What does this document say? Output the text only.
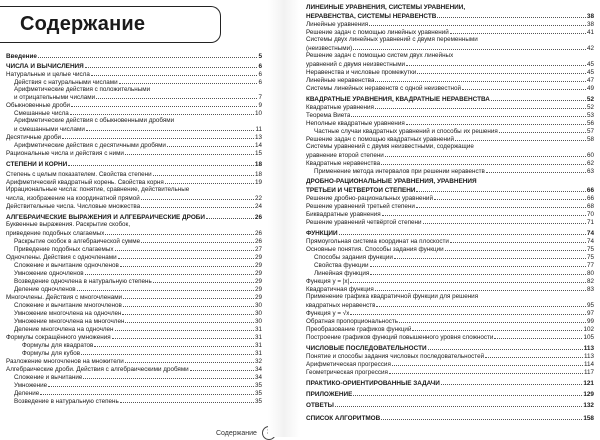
Содержание
Введение	5
ЧИСЛА И ВЫЧИСЛЕНИЯ	6
Натуральные и целые числа	6
Действия с натуральными числами	6
Арифметические действия с положительными
и отрицательными числами	7
Обыкновенные дроби	9
Смешанные числа	10
Арифметические действия с обыкновенными дробями
и смешанными числами	11
Десятичные дроби	13
Арифметические действия с десятичными дробями	14
Рациональные числа и действия с ними	15
СТЕПЕНИ И КОРНИ	18
Степень с целым показателем. Свойства степени	18
Арифметический квадратный корень. Свойства корня	19
Иррациональные числа: понятие, сравнение, действительные
числа, изображение на координатной прямой	22
Действительные числа. Числовые множества	24
АЛГЕБРАИЧЕСКИЕ ВЫРАЖЕНИЯ И АЛГЕБРАИЧЕСКИЕ ДРОБИ	26
Буквенные выражения. Раскрытие скобок,
приведение подобных слагаемых	26
Раскрытие скобок в алгебраической сумме	26
Приведение подобных слагаемых	27
Одночлены. Действия с одночленами	29
Сложение и вычитание одночленов	29
Умножение одночленов	29
Возведение одночлена в натуральную степень	29
Деление одночленов	29
Многочлены. Действия с многочленами	29
Сложение и вычитание многочленов	30
Умножение многочлена на одночлен	30
Умножение многочлена на многочлен	30
Деление многочлена на одночлен	31
Формулы сокращённого умножения	31
Формулы для квадратов	31
Формулы для кубов	31
Разложение многочленов на множители	32
Алгебраические дроби. Действия с алгебраическими дробями	34
Сложение и вычитание	34
Умножение	35
Деление	35
Возведение в натуральную степень	35
Содержание
ЛИНЕЙНЫЕ УРАВНЕНИЯ, СИСТЕМЫ УРАВНЕНИЙ,
НЕРАВЕНСТВА, СИСТЕМЫ НЕРАВЕНСТВ	38
Линейные уравнения	38
Решение задач с помощью линейных уравнений	41
Системы двух линейных уравнений с двумя переменными
(неизвестными)	42
Решение задач с помощью систем двух линейных
уравнений с двумя неизвестными	45
Неравенства и числовые промежутки	45
Линейные неравенства	47
Системы линейных неравенств с одной неизвестной	49
КВАДРАТНЫЕ УРАВНЕНИЯ, КВАДРАТНЫЕ НЕРАВЕНСТВА	52
Квадратные уравнения	52
Теорема Виета	53
Неполные квадратные уравнения	56
Частные случаи квадратных уравнений и способы их решения	57
Решение задач с помощью квадратных уравнений	58
Системы уравнений с двумя неизвестными, содержащие
уравнение второй степени	60
Квадратные неравенства	62
Применение метода интервалов при решении неравенств	63
ДРОБНО-РАЦИОНАЛЬНЫЕ УРАВНЕНИЯ, УРАВНЕНИЯ
ТРЕТЬЕЙ И ЧЕТВЁРТОЙ СТЕПЕНИ	66
Решение дробно-рациональных уравнений	66
Решение уравнений третьей степени	68
Биквадратные уравнения	70
Решение уравнений четвёртой степени	71
ФУНКЦИИ	74
Прямоугольная система координат на плоскости	74
Основные понятия. Способы задания функции	75
Способы задания функции	75
Свойства функции	77
Линейная функция	80
Функция y = |x|	82
Квадратичная функция	83
Применение графика квадратичной функции для решения
квадратных неравенств	95
Функция y = √x	97
Обратная пропорциональность	99
Преобразование графиков функций	102
Построение графиков функций повышенного уровня сложности	105
ЧИСЛОВЫЕ ПОСЛЕДОВАТЕЛЬНОСТИ	113
Понятие и способы задания числовых последовательностей	113
Арифметическая прогрессия	114
Геометрическая прогрессия	117
ПРАКТИКО-ОРИЕНТИРОВАННЫЕ ЗАДАЧИ	121
ПРИЛОЖЕНИЕ	129
ОТВЕТЫ	132
СПИСОК АЛГОРИТМОВ	158
